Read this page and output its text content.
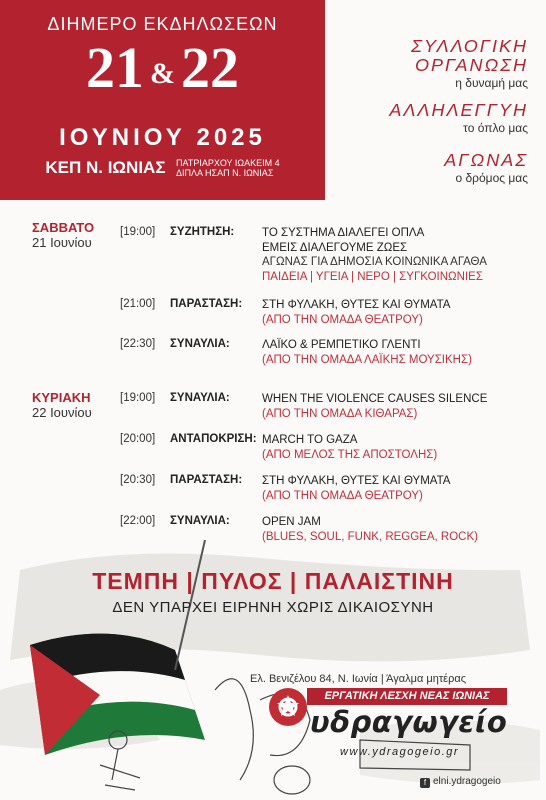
ΔΙΗΜΕΡΟ ΕΚΔΗΛΩΣΕΩΝ
21 & 22
ΙΟΥΝΙΟΥ 2025
ΚΕΠ Ν. ΙΩΝΙΑΣ ΠΑΤΡΙΑΡΧΟΥ ΙΩΑΚΕΙΜ 4
ΔΙΠΛΑ ΗΣΑΠ Ν. ΙΩΝΙΑΣ
ΣΥΛΛΟΓΙΚΗ
ΟΡΓΑΝΩΣΗ
η δυναμή μας
ΑΛΛΗΛΕΓΓΥΗ
το όπλο μας
ΑΓΩΝΑΣ
ο δρόμος μας
ΣΑΒΒΑΤΟ
21 Ιουνίου
[19:00] ΣΥΖΗΤΗΣΗ: ΤΟ ΣΥΣΤΗΜΑ ΔΙΑΛΕΓΕΙ ΟΠΛΑ
ΕΜΕΙΣ ΔΙΑΛΕΓΟΥΜΕ ΖΩΕΣ
ΑΓΩΝΑΣ ΓΙΑ ΔΗΜΟΣΙΑ ΚΟΙΝΩΝΙΚΑ ΑΓΑΘΑ
ΠΑΙΔΕΙΑ | ΥΓΕΙΑ | ΝΕΡΟ | ΣΥΓΚΟΙΝΩΝΙΕΣ
[21:00] ΠΑΡΑΣΤΑΣΗ: ΣΤΗ ΦΥΛΑΚΗ, ΘΥΤΕΣ ΚΑΙ ΘΥΜΑΤΑ
(ΑΠΟ ΤΗΝ ΟΜΑΔΑ ΘΕΑΤΡΟΥ)
[22:30] ΣΥΝΑΥΛΙΑ:	ΛΑΪΚΟ & ΡΕΜΠΕΤΙΚΟ ΓΛΕΝΤΙ
(ΑΠΟ ΤΗΝ ΟΜΑΔΑ ΛΑΪΚΗΣ ΜΟΥΣΙΚΗΣ)
ΚΥΡΙΑΚΗ
22 Ιουνίου
[19:00] ΣΥΝΑΥΛΙΑ:	WHEN THE VIOLENCE CAUSES SILENCE
(ΑΠΟ ΤΗΝ ΟΜΑΔΑ ΚΙΘΑΡΑΣ)
[20:00] ΑΝΤΑΠΟΚΡΙΣΗ: MARCH TO GAZA
(ΑΠΟ ΜΕΛΟΣ ΤΗΣ ΑΠΟΣΤΟΛΗΣ)
[20:30] ΠΑΡΑΣΤΑΣΗ: ΣΤΗ ΦΥΛΑΚΗ, ΘΥΤΕΣ ΚΑΙ ΘΥΜΑΤΑ
(ΑΠΟ ΤΗΝ ΟΜΑΔΑ ΘΕΑΤΡΟΥ)
[22:00] ΣΥΝΑΥΛΙΑ:	OPEN JAM
(BLUES, SOUL, FUNK, REGGEA, ROCK)
ΤΕΜΠΗ | ΠΥΛΟΣ | ΠΑΛΑΙΣΤΙΝΗ
ΔΕΝ ΥΠΑΡΧΕΙ ΕΙΡΗΝΗ ΧΩΡΙΣ ΔΙΚΑΙΟΣΥΝΗ
Ελ. Βενιζέλου 84, Ν. Ιωνία | Άγαλμα μητέρας
ΕΡΓΑΤΙΚΗ ΛΕΣΧΗ ΝΕΑΣ ΙΩΝΙΑΣ
υδραγωγείο
www.ydragogeio.gr
f elni.ydragogeio
